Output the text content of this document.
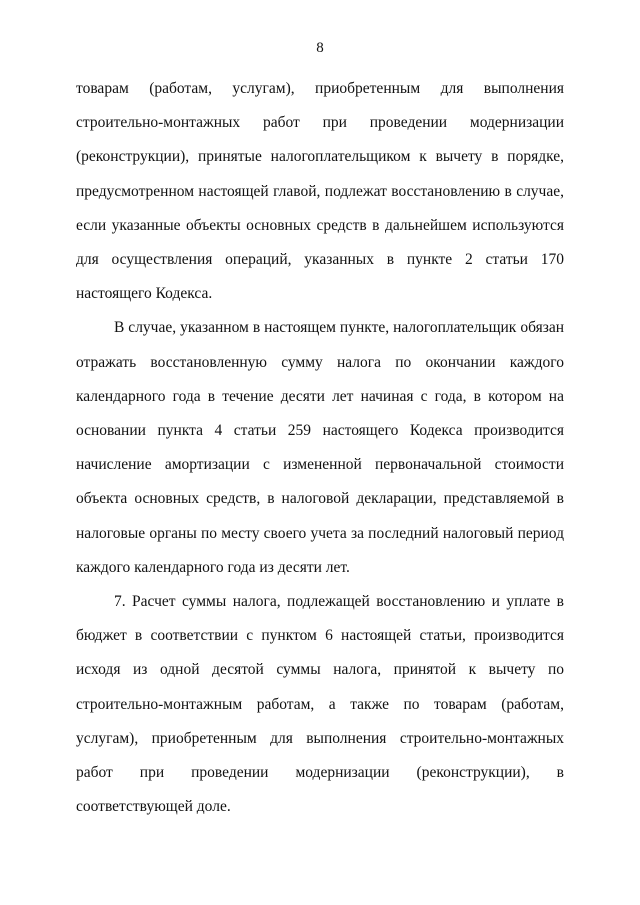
8

товарам (работам, услугам), приобретенным для выполнения строительно-монтажных работ при проведении модернизации (реконструкции), принятые налогоплательщиком к вычету в порядке, предусмотренном настоящей главой, подлежат восстановлению в случае, если указанные объекты основных средств в дальнейшем используются для осуществления операций, указанных в пункте 2 статьи 170 настоящего Кодекса.

В случае, указанном в настоящем пункте, налогоплательщик обязан отражать восстановленную сумму налога по окончании каждого календарного года в течение десяти лет начиная с года, в котором на основании пункта 4 статьи 259 настоящего Кодекса производится начисление амортизации с измененной первоначальной стоимости объекта основных средств, в налоговой декларации, представляемой в налоговые органы по месту своего учета за последний налоговый период каждого календарного года из десяти лет.

7. Расчет суммы налога, подлежащей восстановлению и уплате в бюджет в соответствии с пунктом 6 настоящей статьи, производится исходя из одной десятой суммы налога, принятой к вычету по строительно-монтажным работам, а также по товарам (работам, услугам), приобретенным для выполнения строительно-монтажных работ при проведении модернизации (реконструкции), в соответствующей доле.
